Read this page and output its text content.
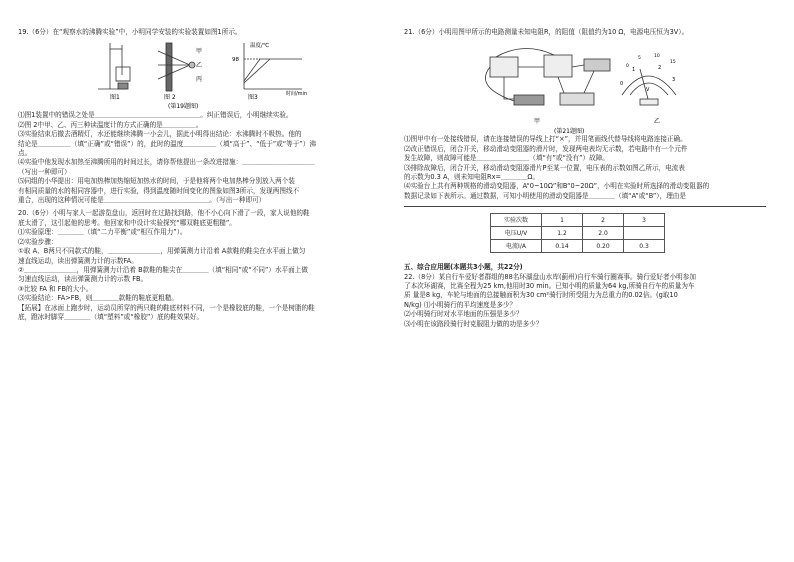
19.（6分）在“观察水的沸腾实验”中，小明同学安装的实验装置如图1所示。

图1
甲
乙
丙
图 2
温度/℃
98
时间/min
图3
(第19题图)

⑴图1装置中的错误之处是＿＿＿＿＿＿＿＿＿＿＿＿＿＿＿＿。纠正错误后，小明继续实验。

⑵图 2中甲、乙、丙三种读温度计的方式正确的是＿＿＿＿＿。

⑶实验结束后撤去酒精灯，水还能继续沸腾一小会儿，据此小明得出结论：水沸腾时不吸热。他的

结论是＿＿＿＿＿（填“正确”或“错误”）的，此时的温度＿＿＿＿＿（填“高于”、“低于”或“等于”）沸

点。

⑷实验中他发现水加热至沸腾所用的时间过长，请你帮他提出一条改进措施：＿＿＿＿＿＿＿＿＿＿＿

（写出一种即可）

⑸同组的小华提出：用电加热棒加热缩短加热水的时间，于是他将两个电加热棒分别放入两个装

有相同质量的水的相同容器中，进行实验，得到温度随时间变化的图象如图3所示，发现两图线不

重合，出现的这种情况可能是＿＿＿＿＿＿＿＿＿＿＿＿＿＿＿＿。（写出一种即可）

20.（6分）小明与家人一起游览盘山，返回时在过路找到路，他不小心向下滑了一段，家人说他的鞋

底太滑了，这引起他的思考。他回家和中设计实验探究“哪双鞋底更粗糙”。

⑴实验原理：＿＿＿＿（填“二力平衡”或“相互作用力”）。

⑵实验步骤：

①取 A、B两只不同款式的鞋，＿＿＿＿＿＿＿＿，用弹簧测力计沿着 A款鞋的鞋尖在水平面上做匀

速直线运动，读出弹簧测力计的示数FA。

②＿＿＿＿＿＿＿＿，用弹簧测力计沿着 B款鞋的鞋尖在＿＿＿＿（填“相同”或“不同”）水平面上做

匀速直线运动，读出弹簧测力计的示数 FB。

③比较 FA 和 FB的大小。

⑶实验结论：FA>FB，则＿＿＿＿款鞋的鞋底更粗糙。

【拓展】在冰面上跑步时，运动员所穿的两只鞋的鞋底材料不同，一个是橡胶底的鞋，一个是树脂的鞋

底，蹬冰时脚穿＿＿＿＿（填“塑料”或“橡胶”）底的鞋效果好。

21.（6分）小明用图甲所示的电路测量未知电阻R，的阻值（阻值约为10 Ω，电源电压恒为3V）。

甲
0
1	2
3
0
5	10
15
V
乙
(第21题图)

⑴图甲中有一处接线错误，请在连接错误的导线上打“×”，并用笔画线代替导线将电路连接正确。

⑵改正错误后，闭合开关，移动滑动变阻器的滑片时，发现两电表均无示数，若电路中有一个元件

发生故障，则故障可能是＿＿＿＿＿＿＿＿（填“有”或“没有”）故障。

⑶排除故障后，闭合开关，移动滑动变阻器滑片P至某一位置，电压表的示数如图乙所示，电流表

的示数为0.3 A，则未知电阻Rx=＿＿＿＿Ω。

⑷实验台上共有两种规格的滑动变阻器，A“0~10Ω”和B“0~20Ω”，小明在实验时所选择的滑动变阻器的

数据记录如下表所示。通过数据，可知小明使用的滑动变阻器是＿＿＿＿（填“A”或“B”），理由是

实验次数	1	2	3
电压U/V	1.2	2.0	
电流I/A	0.14	0.20	0.3

五、综合应用题(本题共3小题，共22分)

22.（8分）某自行车爱好者群组的88名环湖盘山水库(蓟州)自行车骑行圈赛事。骑行爱好者小明参加

了本次环湖赛，比赛全程为25 km,他用时30 min。已知小明的质量为64 kg,所骑自行车的质量为车

质 量是8 kg，车轮与地面的总接触面积为30 cm²骑行时所受阻力为总重力的0.02倍。(g取10

N/kg) ⑴小明骑行的平均速度是多少？

⑵小明骑行时对水平地面的压强是多少？

⑶小明在该路段骑行时克服阻力做的功是多少？
